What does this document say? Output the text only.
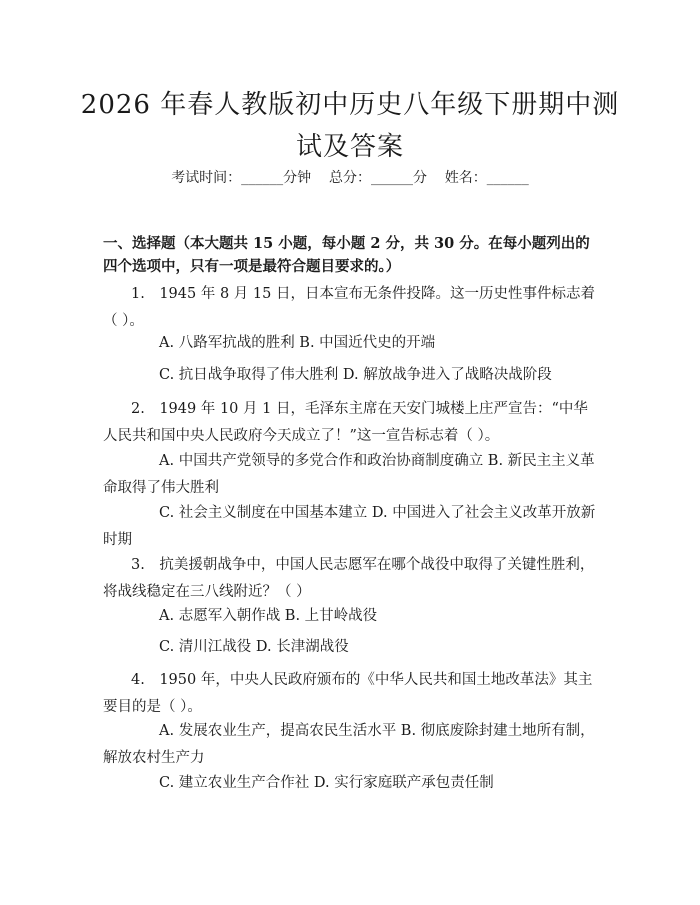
2026 年春人教版初中历史八年级下册期中测
试及答案
考试时间：______分钟    总分：______分    姓名：______

一、选择题（本大题共 15 小题，每小题 2 分，共 30 分。在每小题列出的四个选项中，只有一项是最符合题目要求的。）

1.　1945 年 8 月 15 日，日本宣布无条件投降。这一历史性事件标志着（ ）。

A. 八路军抗战的胜利 B. 中国近代史的开端

C. 抗日战争取得了伟大胜利 D. 解放战争进入了战略决战阶段

2.　1949 年 10 月 1 日，毛泽东主席在天安门城楼上庄严宣告：“中华人民共和国中央人民政府今天成立了！”这一宣告标志着（ ）。

A. 中国共产党领导的多党合作和政治协商制度确立 B. 新民主主义革命取得了伟大胜利

C. 社会主义制度在中国基本建立 D. 中国进入了社会主义改革开放新时期

3.　抗美援朝战争中，中国人民志愿军在哪个战役中取得了关键性胜利，将战线稳定在三八线附近？（ ）

A. 志愿军入朝作战 B. 上甘岭战役

C. 清川江战役 D. 长津湖战役

4.　1950 年，中央人民政府颁布的《中华人民共和国土地改革法》其主要目的是（ ）。

A. 发展农业生产，提高农民生活水平 B. 彻底废除封建土地所有制，解放农村生产力

C. 建立农业生产合作社 D. 实行家庭联产承包责任制
